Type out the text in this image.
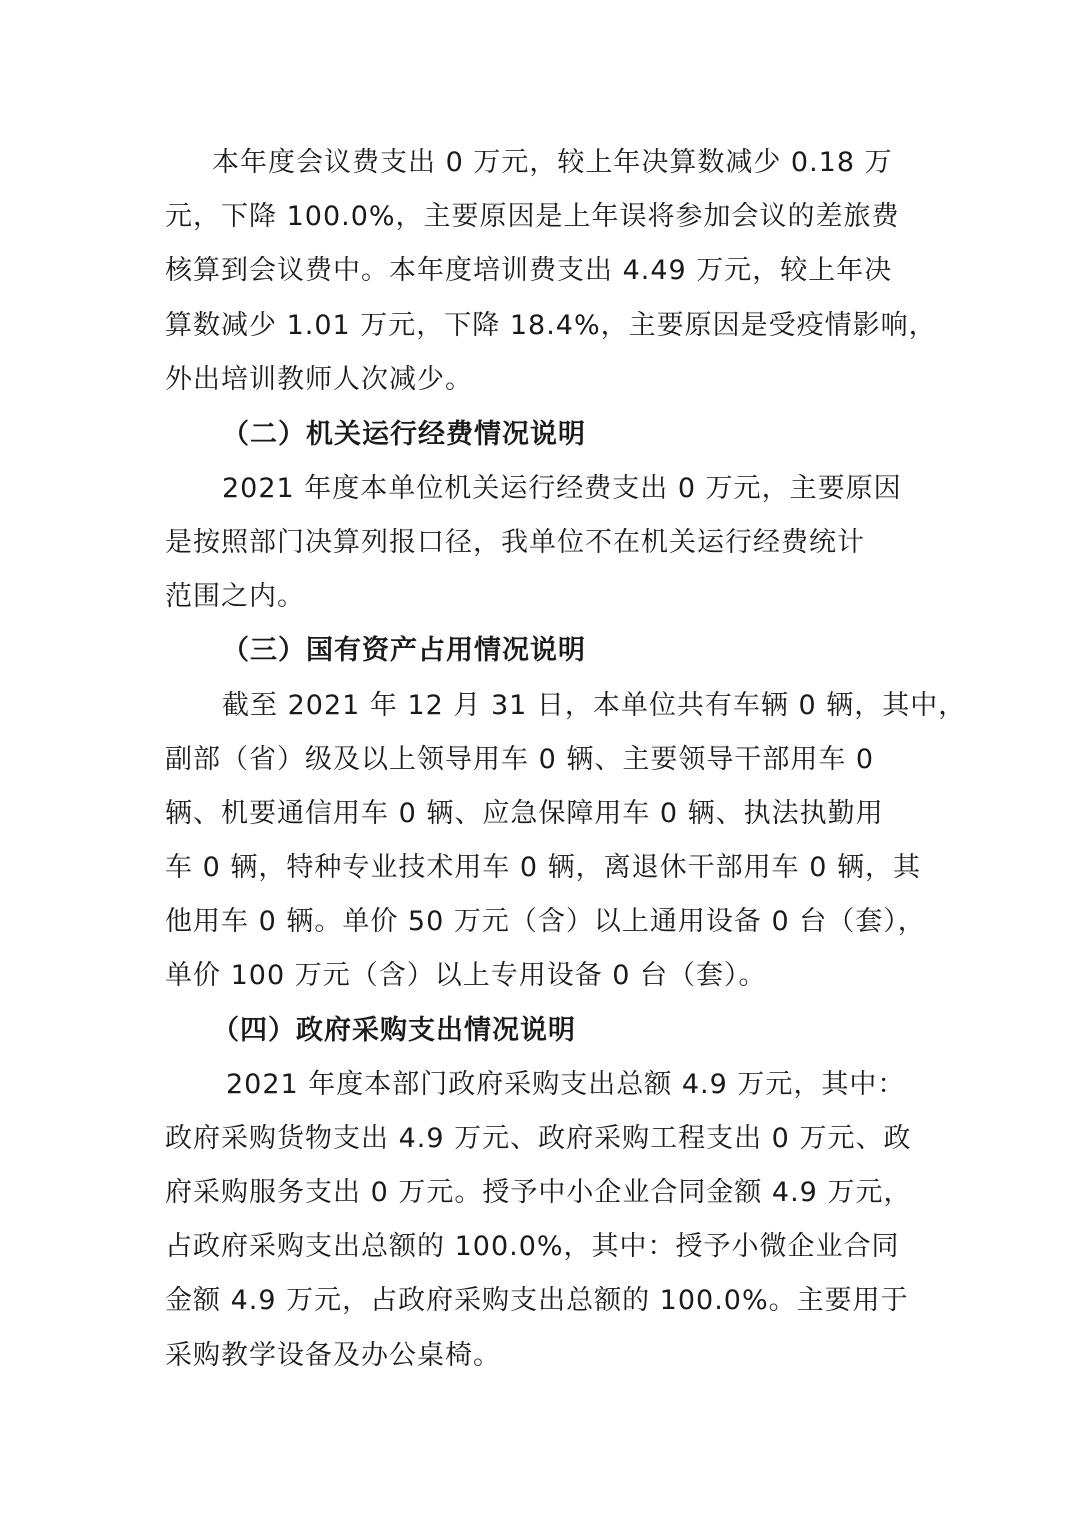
本年度会议费支出 0 万元，较上年决算数减少 0.18 万
元，下降 100.0%，主要原因是上年误将参加会议的差旅费
核算到会议费中。本年度培训费支出 4.49 万元，较上年决
算数减少 1.01 万元，下降 18.4%，主要原因是受疫情影响，
外出培训教师人次减少。
（二）机关运行经费情况说明
2021 年度本单位机关运行经费支出 0 万元，主要原因
是按照部门决算列报口径，我单位不在机关运行经费统计
范围之内。
（三）国有资产占用情况说明
截至 2021 年 12 月 31 日，本单位共有车辆 0 辆，其中，
副部（省）级及以上领导用车 0 辆、主要领导干部用车 0
辆、机要通信用车 0 辆、应急保障用车 0 辆、执法执勤用
车 0 辆，特种专业技术用车 0 辆，离退休干部用车 0 辆，其
他用车 0 辆。单价 50 万元（含）以上通用设备 0 台（套），
单价 100 万元（含）以上专用设备 0 台（套）。
（四）政府采购支出情况说明
2021 年度本部门政府采购支出总额 4.9 万元，其中：
政府采购货物支出 4.9 万元、政府采购工程支出 0 万元、政
府采购服务支出 0 万元。授予中小企业合同金额 4.9 万元，
占政府采购支出总额的 100.0%，其中：授予小微企业合同
金额 4.9 万元，占政府采购支出总额的 100.0%。主要用于
采购教学设备及办公桌椅。
